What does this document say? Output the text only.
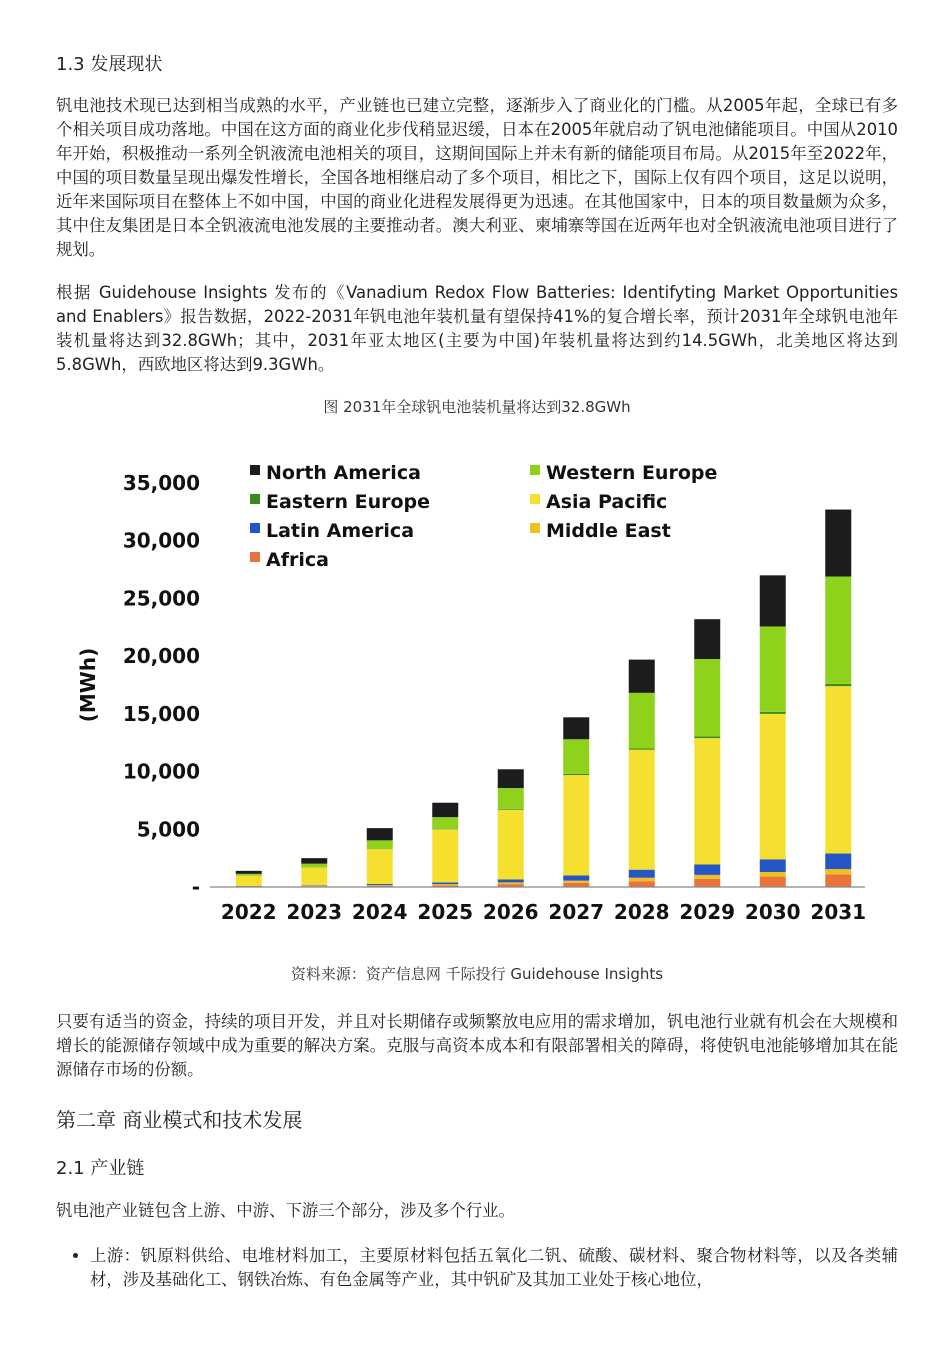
1.3 发展现状

钒电池技术现已达到相当成熟的水平，产业链也已建立完整，逐渐步入了商业化的门槛。从2005年起，全球已有多个相关项目成功落地。中国在这方面的商业化步伐稍显迟缓，日本在2005年就启动了钒电池储能项目。中国从2010年开始，积极推动一系列全钒液流电池相关的项目，这期间国际上并未有新的储能项目布局。从2015年至2022年，中国的项目数量呈现出爆发性增长，全国各地相继启动了多个项目，相比之下，国际上仅有四个项目，这足以说明，近年来国际项目在整体上不如中国，中国的商业化进程发展得更为迅速。在其他国家中，日本的项目数量颇为众多，其中住友集团是日本全钒液流电池发展的主要推动者。澳大利亚、柬埔寨等国在近两年也对全钒液流电池项目进行了规划。

根据 Guidehouse Insights 发布的《Vanadium Redox Flow Batteries: Identifyting Market Opportunities and Enablers》报告数据，2022-2031年钒电池年装机量有望保持41%的复合增长率，预计2031年全球钒电池年装机量将达到32.8GWh；其中，2031年亚太地区(主要为中国)年装机量将达到约14.5GWh，北美地区将达到5.8GWh，西欧地区将达到9.3GWh。

图 2031年全球钒电池装机量将达到32.8GWh
资料来源：资产信息网 千际投行 Guidehouse Insights

只要有适当的资金，持续的项目开发，并且对长期储存或频繁放电应用的需求增加，钒电池行业就有机会在大规模和增长的能源储存领域中成为重要的解决方案。克服与高资本成本和有限部署相关的障碍，将使钒电池能够增加其在能源储存市场的份额。

第二章 商业模式和技术发展
2.1 产业链

钒电池产业链包含上游、中游、下游三个部分，涉及多个行业。

• 上游：钒原料供给、电堆材料加工，主要原材料包括五氧化二钒、硫酸、碳材料、聚合物材料等，以及各类辅材，涉及基础化工、钢铁冶炼、有色金属等产业，其中钒矿及其加工业处于核心地位，
North America	Western Europe
Eastern Europe	Asia Pacific
Latin America	Middle East
Africa
(MWh)
-
5,000
10,000
15,000
20,000
25,000
30,000
35,000
2022 2023 2024 2025 2026 2027 2028 2029 2030 2031
